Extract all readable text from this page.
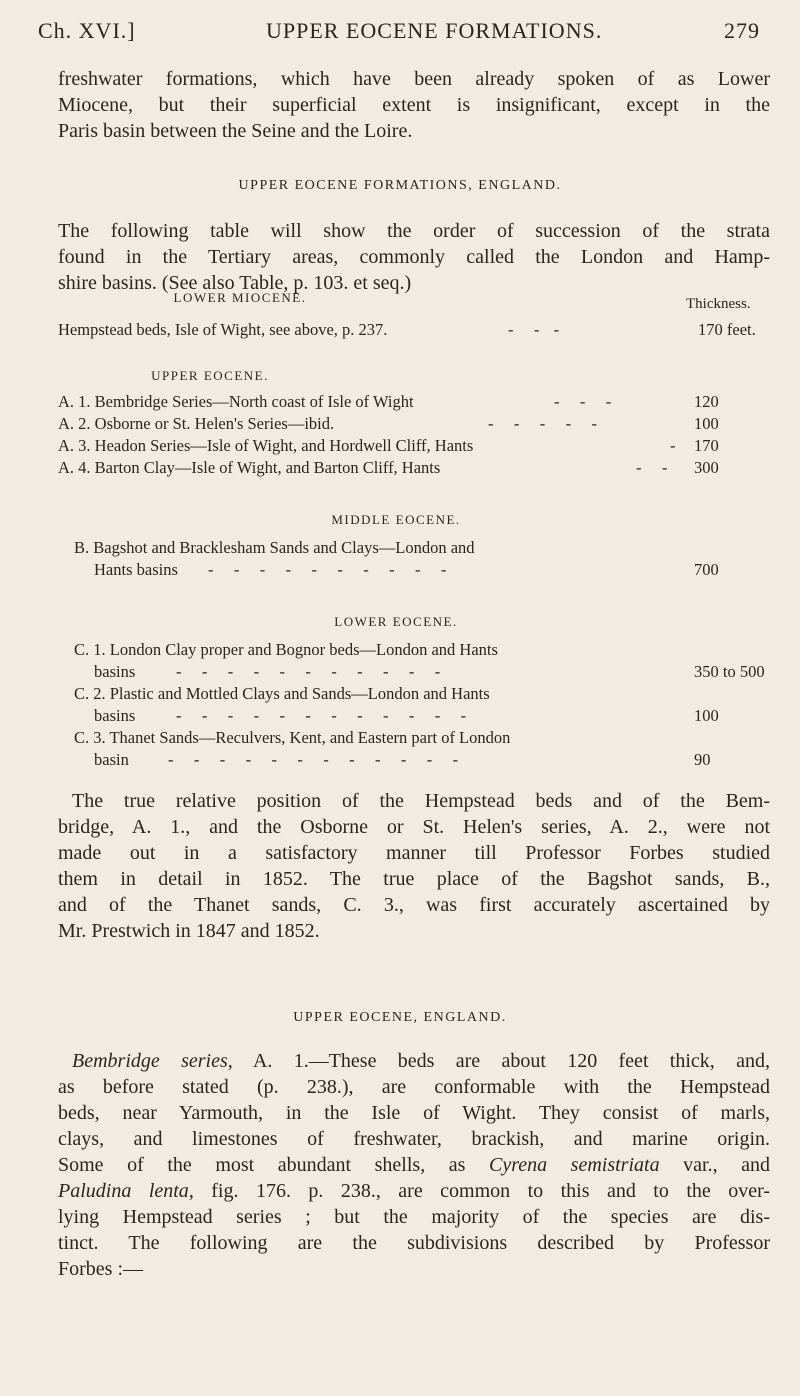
Ch. XVI.]	UPPER EOCENE FORMATIONS.	279
freshwater formations, which have been already spoken of as Lower
Miocene, but their superficial extent is insignificant, except in the
Paris basin between the Seine and the Loire.
UPPER EOCENE FORMATIONS, ENGLAND.
The following table will show the order of succession of the strata
found in the Tertiary areas, commonly called the London and Hamp-
shire basins. (See also Table, p. 103. et seq.)
LOWER MIOCENE.	Thickness.
Hempstead beds, Isle of Wight, see above, p. 237.	-   -  -	170 feet.
UPPER EOCENE.
A. 1. Bembridge Series—North coast of Isle of Wight	-   -   -	120
A. 2. Osborne or St. Helen's Series—ibid.	-   -   -   -   -	100
A. 3. Headon Series—Isle of Wight, and Hordwell Cliff, Hants	- 170
A. 4. Barton Clay—Isle of Wight, and Barton Cliff, Hants	-   - 300
MIDDLE EOCENE.
B. Bagshot and Bracklesham Sands and Clays—London and
Hants basins -   -   -   -   -   -   -   -   -   -	700
LOWER EOCENE.
C. 1. London Clay proper and Bognor beds—London and Hants
basins -   -   -   -   -   -   -   -   -   -   -	350 to 500
C. 2. Plastic and Mottled Clays and Sands—London and Hants
basins -   -   -   -   -   -   -   -   -   -   -   -	100
C. 3. Thanet Sands—Reculvers, Kent, and Eastern part of London
basin -   -   -   -   -   -   -   -   -   -   -   -	90
The true relative position of the Hempstead beds and of the Bem-
bridge, A. 1., and the Osborne or St. Helen's series, A. 2., were not
made out in a satisfactory manner till Professor Forbes studied
them in detail in 1852. The true place of the Bagshot sands, B.,
and of the Thanet sands, C. 3., was first accurately ascertained by
Mr. Prestwich in 1847 and 1852.
UPPER EOCENE, ENGLAND.
Bembridge series, A. 1.—These beds are about 120 feet thick, and,
as before stated (p. 238.), are conformable with the Hempstead
beds, near Yarmouth, in the Isle of Wight. They consist of marls,
clays, and limestones of freshwater, brackish, and marine origin.
Some of the most abundant shells, as Cyrena semistriata var., and
Paludina lenta, fig. 176. p. 238., are common to this and to the over-
lying Hempstead series ; but the majority of the species are dis-
tinct. The following are the subdivisions described by Professor
Forbes :—
